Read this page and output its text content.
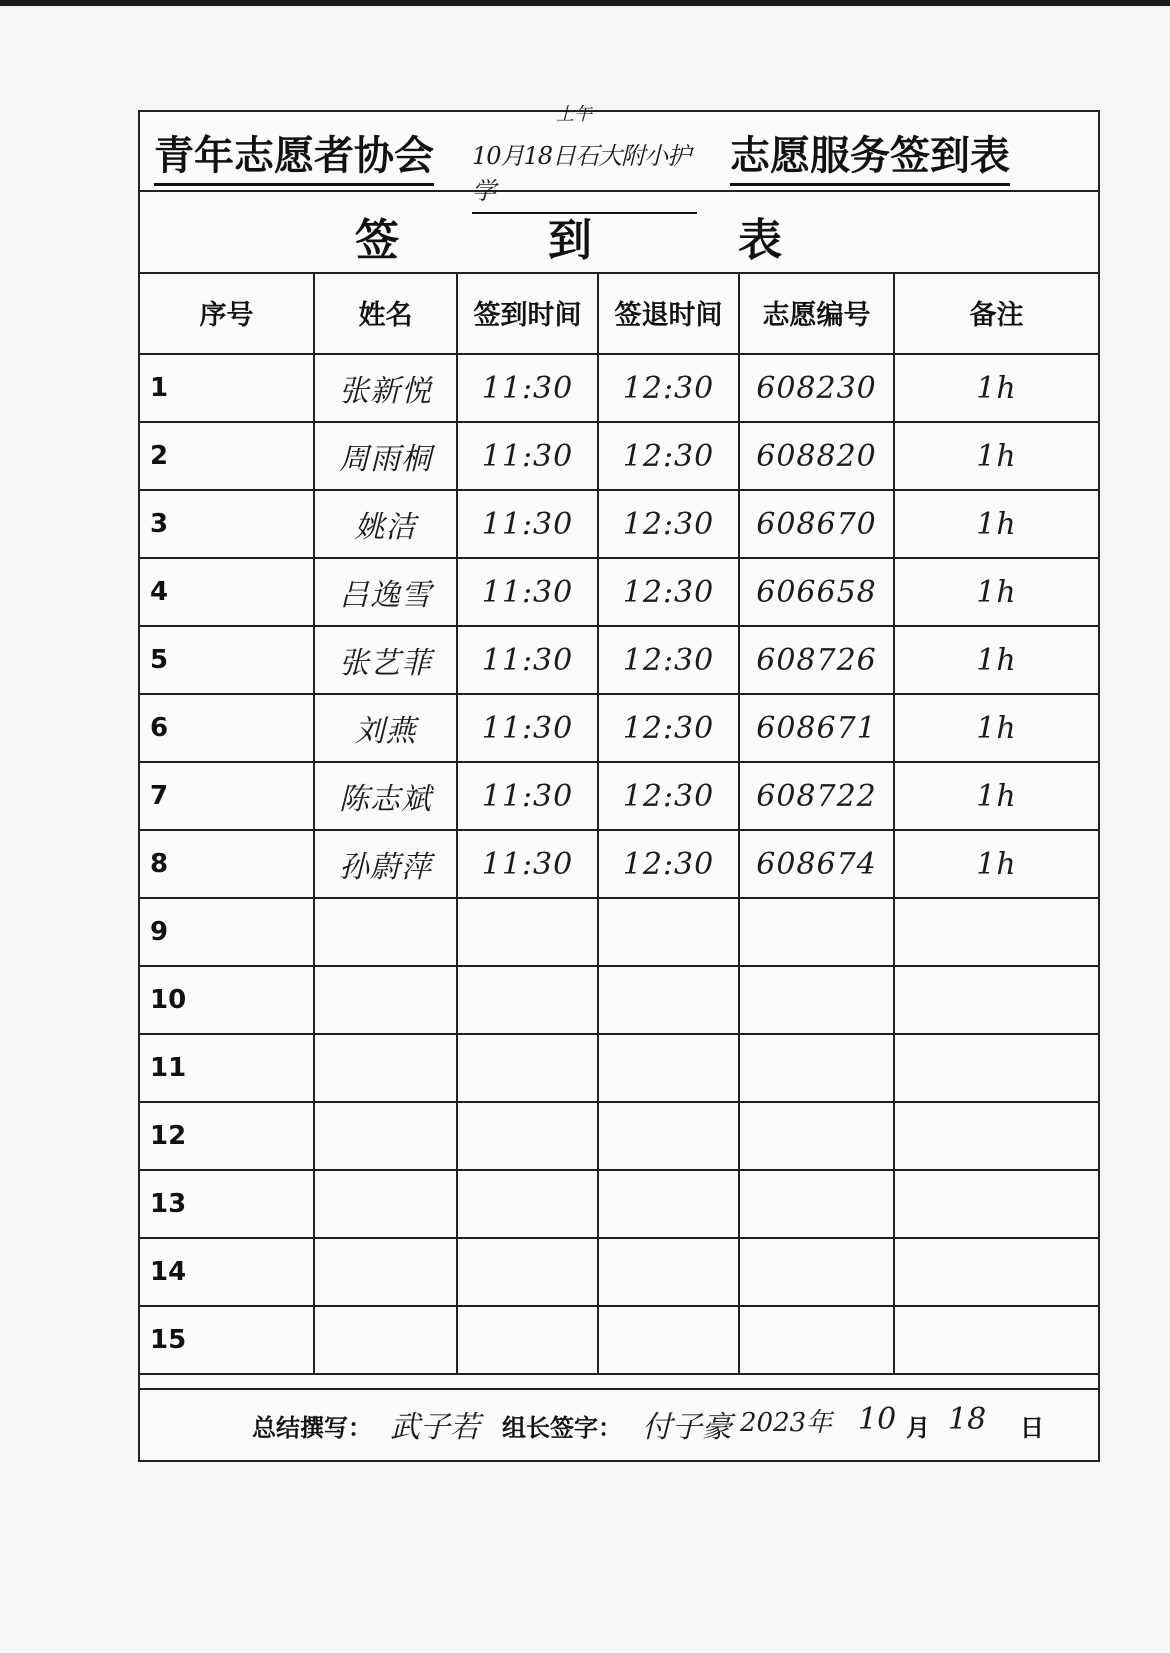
青年志愿者协会
上午
10月18日石大附小护学
志愿服务签到表
签	到	表
序号	姓名	签到时间	签退时间	志愿编号	备注
1	张新悦	11:30	12:30	608230	1h
2	周雨桐	11:30	12:30	608820	1h
3	姚洁	11:30	12:30	608670	1h
4	吕逸雪	11:30	12:30	606658	1h
5	张艺菲	11:30	12:30	608726	1h
6	刘燕	11:30	12:30	608671	1h
7	陈志斌	11:30	12:30	608722	1h
8	孙蔚萍	11:30	12:30	608674	1h
9					
10					
11					
12					
13					
14					
15					
总结撰写： 武子若 组长签字： 付子豪 2023年 10 月 18 日
